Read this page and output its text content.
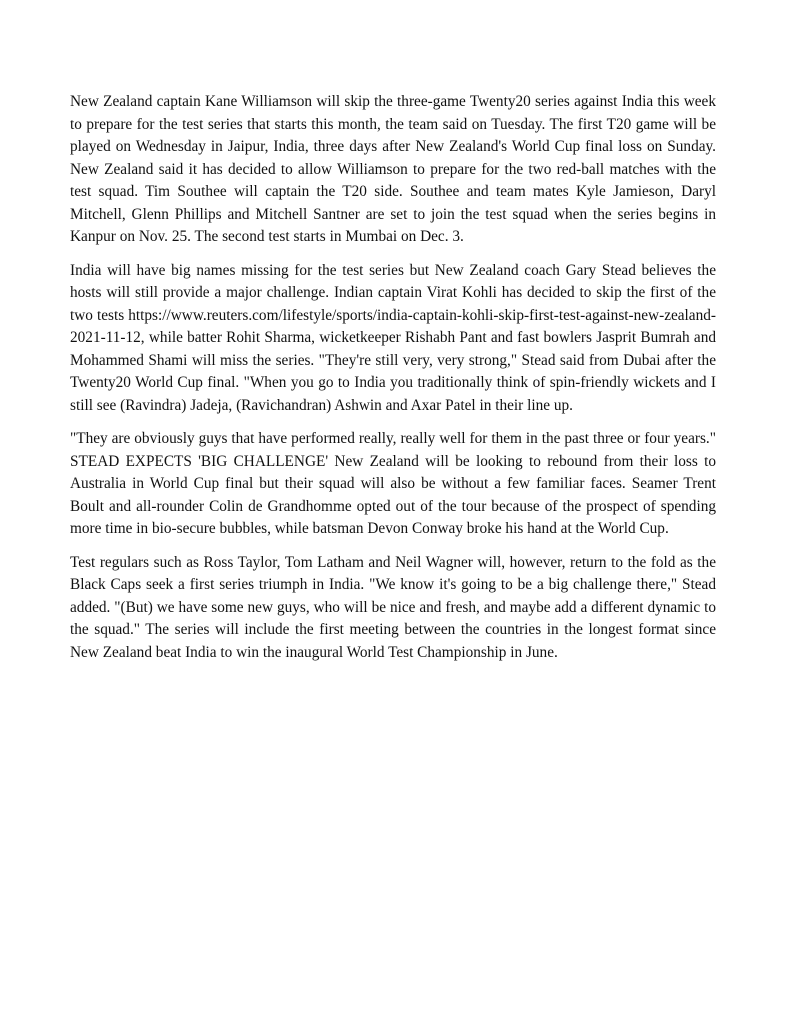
New Zealand captain Kane Williamson will skip the three-game Twenty20 series against India this week to prepare for the test series that starts this month, the team said on Tuesday. The first T20 game will be played on Wednesday in Jaipur, India, three days after New Zealand's World Cup final loss on Sunday. New Zealand said it has decided to allow Williamson to prepare for the two red-ball matches with the test squad. Tim Southee will captain the T20 side. Southee and team mates Kyle Jamieson, Daryl Mitchell, Glenn Phillips and Mitchell Santner are set to join the test squad when the series begins in Kanpur on Nov. 25. The second test starts in Mumbai on Dec. 3.

India will have big names missing for the test series but New Zealand coach Gary Stead believes the hosts will still provide a major challenge. Indian captain Virat Kohli has decided to skip the first of the two tests https://www.reuters.com/lifestyle/sports/india-captain-kohli-skip-first-test-against-new-zealand-2021-11-12, while batter Rohit Sharma, wicketkeeper Rishabh Pant and fast bowlers Jasprit Bumrah and Mohammed Shami will miss the series. "They're still very, very strong," Stead said from Dubai after the Twenty20 World Cup final. "When you go to India you traditionally think of spin-friendly wickets and I still see (Ravindra) Jadeja, (Ravichandran) Ashwin and Axar Patel in their line up.

"They are obviously guys that have performed really, really well for them in the past three or four years." STEAD EXPECTS 'BIG CHALLENGE' New Zealand will be looking to rebound from their loss to Australia in World Cup final but their squad will also be without a few familiar faces. Seamer Trent Boult and all-rounder Colin de Grandhomme opted out of the tour because of the prospect of spending more time in bio-secure bubbles, while batsman Devon Conway broke his hand at the World Cup.

Test regulars such as Ross Taylor, Tom Latham and Neil Wagner will, however, return to the fold as the Black Caps seek a first series triumph in India. "We know it's going to be a big challenge there," Stead added. "(But) we have some new guys, who will be nice and fresh, and maybe add a different dynamic to the squad." The series will include the first meeting between the countries in the longest format since New Zealand beat India to win the inaugural World Test Championship in June.
